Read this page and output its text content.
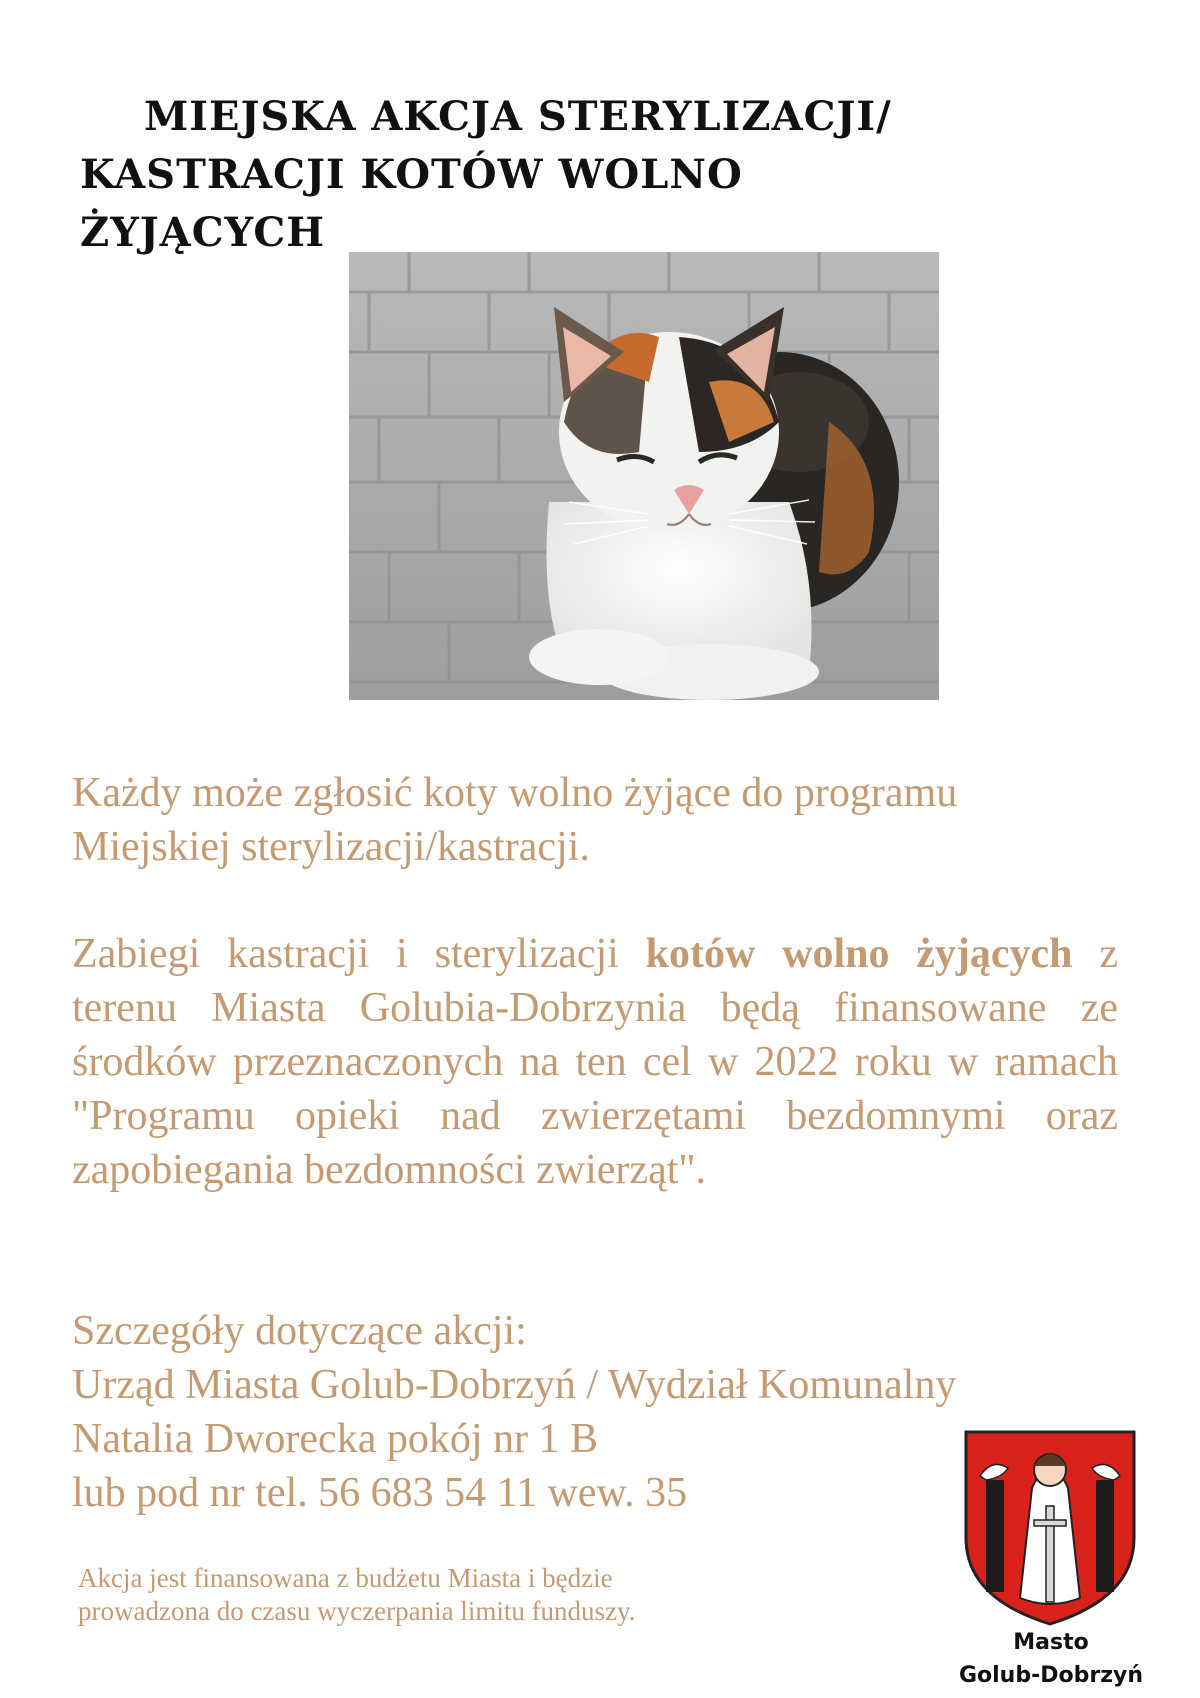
MIEJSKA AKCJA STERYLIZACJI/
KASTRACJI KOTÓW WOLNO ŻYJĄCYCH

Każdy może zgłosić koty wolno żyjące do programu Miejskiej sterylizacji/kastracji.

Zabiegi kastracji i sterylizacji kotów wolno żyjących z terenu Miasta Golubia-Dobrzynia będą finansowane ze środków przeznaczonych na ten cel w 2022 roku w ramach "Programu opieki nad zwierzętami bezdomnymi oraz zapobiegania bezdomności zwierząt".

Szczegóły dotyczące akcji:
Urząd Miasta Golub-Dobrzyń / Wydział Komunalny
Natalia Dworecka pokój nr 1 B
lub pod nr tel. 56 683 54 11 wew. 35

Akcja jest finansowana z budżetu Miasta i będzie
prowadzona do czasu wyczerpania limitu funduszy.

Masto
Golub-Dobrzyń
